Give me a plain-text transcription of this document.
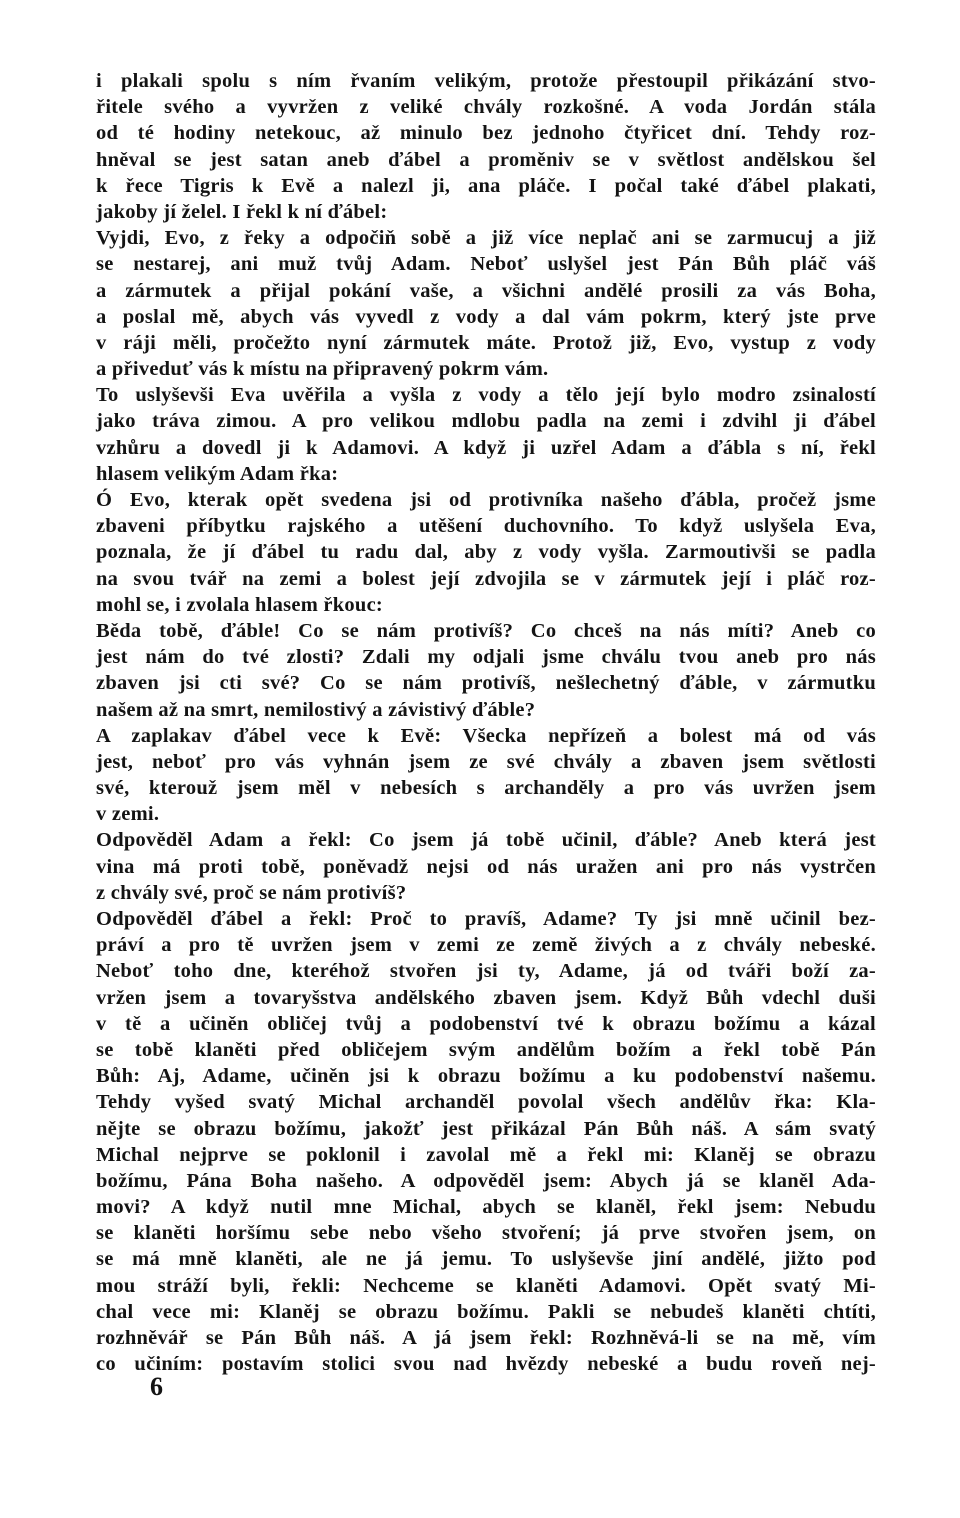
i plakali spolu s ním řvaním velikým, protože přestoupil přikázání stvo-
řitele svého a vyvržen z veliké chvály rozkošné. A voda Jordán stála
od té hodiny netekouc, až minulo bez jednoho čtyřicet dní. Tehdy roz-
hněval se jest satan aneb ďábel a proměniv se v světlost andělskou šel
k řece Tigris k Evě a nalezl ji, ana pláče. I počal také ďábel plakati,
jakoby jí želel. I řekl k ní ďábel:
Vyjdi, Evo, z řeky a odpočiň sobě a již více neplač ani se zarmucuj a již
se nestarej, ani muž tvůj Adam. Neboť uslyšel jest Pán Bůh pláč váš
a zármutek a přijal pokání vaše, a všichni andělé prosili za vás Boha,
a poslal mě, abych vás vyvedl z vody a dal vám pokrm, který jste prve
v ráji měli, pročežto nyní zármutek máte. Protož již, Evo, vystup z vody
a přiveduť vás k místu na připravený pokrm vám.
To uslyševši Eva uvěřila a vyšla z vody a tělo její bylo modro zsinalostí
jako tráva zimou. A pro velikou mdlobu padla na zemi i zdvihl ji ďábel
vzhůru a dovedl ji k Adamovi. A když ji uzřel Adam a ďábla s ní, řekl
hlasem velikým Adam řka:
Ó Evo, kterak opět svedena jsi od protivníka našeho ďábla, pročež jsme
zbaveni příbytku rajského a utěšení duchovního. To když uslyšela Eva,
poznala, že jí ďábel tu radu dal, aby z vody vyšla. Zarmoutivši se padla
na svou tvář na zemi a bolest její zdvojila se v zármutek její i pláč roz-
mohl se, i zvolala hlasem řkouc:
Běda tobě, ďáble! Co se nám protivíš? Co chceš na nás míti? Aneb co
jest nám do tvé zlosti? Zdali my odjali jsme chválu tvou aneb pro nás
zbaven jsi cti své? Co se nám protivíš, nešlechetný ďáble, v zármutku
našem až na smrt, nemilostivý a závistivý ďáble?
A zaplakav ďábel vece k Evě: Všecka nepřízeň a bolest má od vás
jest, neboť pro vás vyhnán jsem ze své chvály a zbaven jsem světlosti
své, kterouž jsem měl v nebesích s archanděly a pro vás uvržen jsem
v zemi.
Odpověděl Adam a řekl: Co jsem já tobě učinil, ďáble? Aneb která jest
vina má proti tobě, poněvadž nejsi od nás uražen ani pro nás vystrčen
z chvály své, proč se nám protivíš?
Odpověděl ďábel a řekl: Proč to pravíš, Adame? Ty jsi mně učinil bez-
práví a pro tě uvržen jsem v zemi ze země živých a z chvály nebeské.
Neboť toho dne, kteréhož stvořen jsi ty, Adame, já od tváři boží za-
vržen jsem a tovaryšstva andělského zbaven jsem. Když Bůh vdechl duši
v tě a učiněn obličej tvůj a podobenství tvé k obrazu božímu a kázal
se tobě klaněti před obličejem svým andělům božím a řekl tobě Pán
Bůh: Aj, Adame, učiněn jsi k obrazu božímu a ku podobenství našemu.
Tehdy vyšed svatý Michal archanděl povolal všech andělův řka: Kla-
nějte se obrazu božímu, jakožť jest přikázal Pán Bůh náš. A sám svatý
Michal nejprve se poklonil i zavolal mě a řekl mi: Klaněj se obrazu
božímu, Pána Boha našeho. A odpověděl jsem: Abych já se klaněl Ada-
movi? A když nutil mne Michal, abych se klaněl, řekl jsem: Nebudu
se klaněti horšímu sebe nebo všeho stvoření; já prve stvořen jsem, on
se má mně klaněti, ale ne já jemu. To uslyševše jiní andělé, jižto pod
mou stráží byli, řekli: Nechceme se klaněti Adamovi. Opět svatý Mi-
chal vece mi: Klaněj se obrazu božímu. Pakli se nebudeš klaněti chtíti,
rozhněvář se Pán Bůh náš. A já jsem řekl: Rozhněvá-li se na mě, vím
co učiním: postavím stolici svou nad hvězdy nebeské a budu roveň nej-
6
